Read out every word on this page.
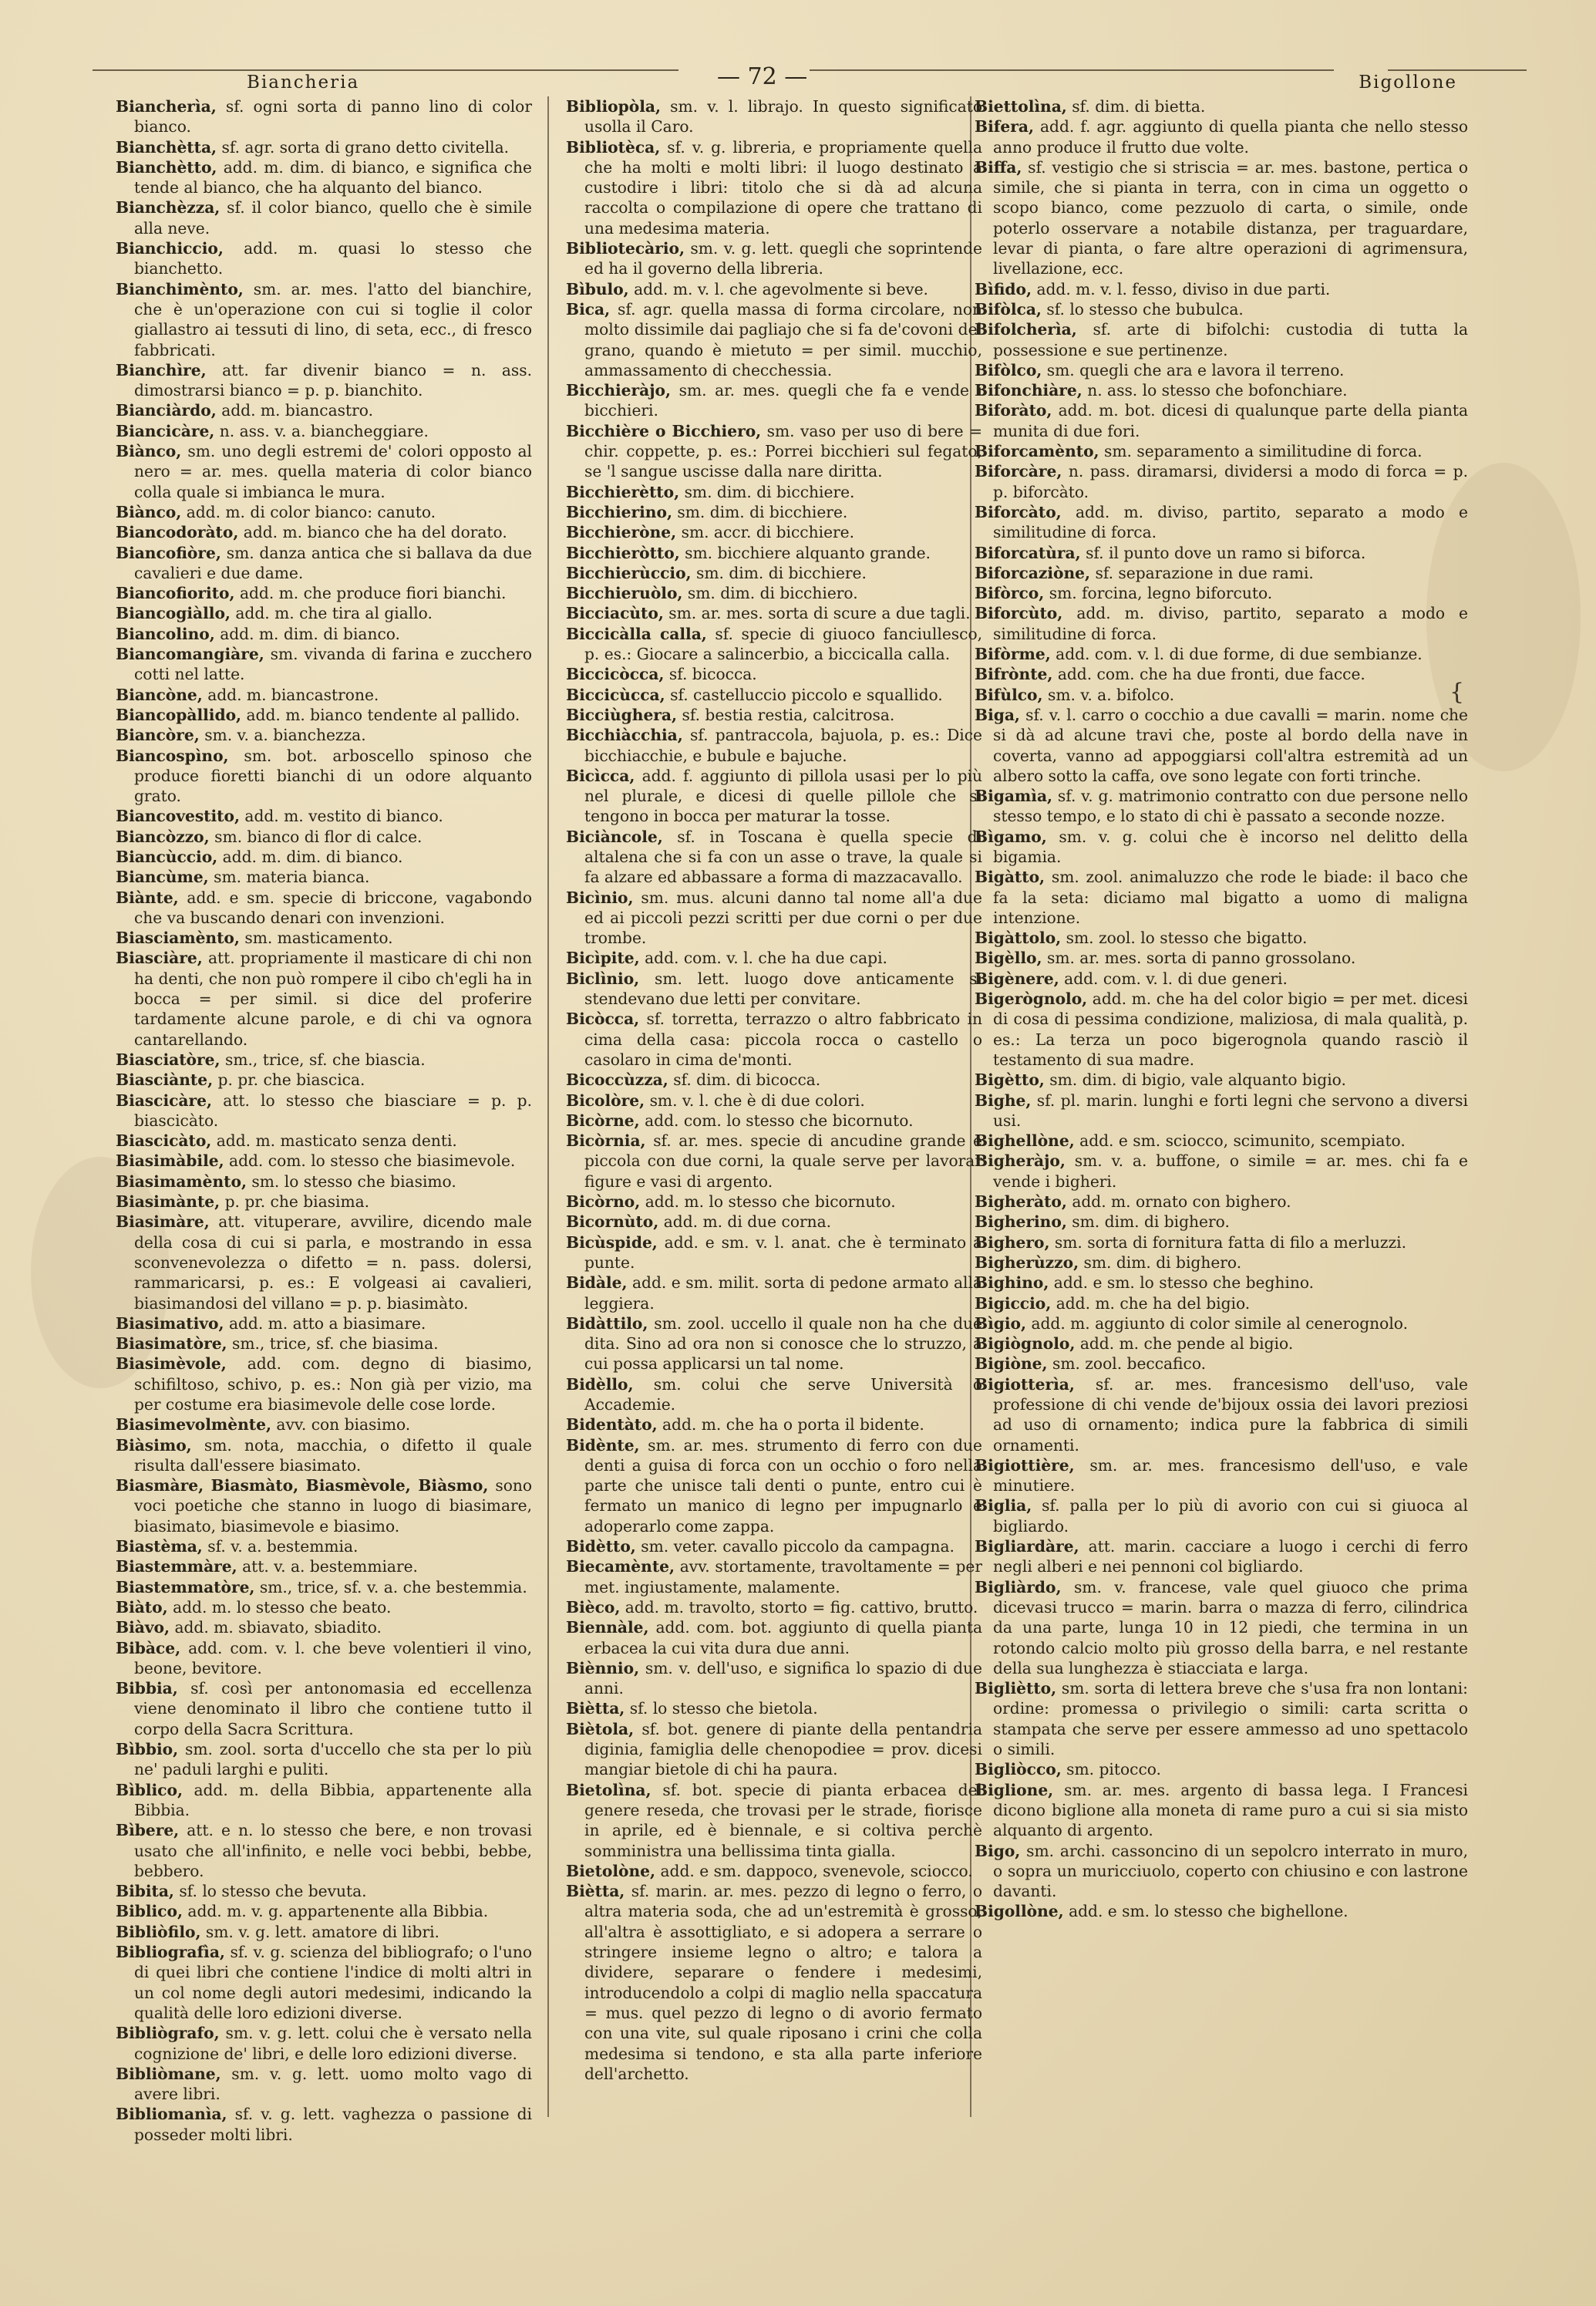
Biancheria	— 72 —	Bigollone

Biancherìa, sf. ogni sorta di panno lino di color bianco.

Bianchètta, sf. agr. sorta di grano detto civitella.

Bianchètto, add. m. dim. di bianco, e significa che tende al bianco, che ha alquanto del bianco.

Bianchèzza, sf. il color bianco, quello che è simile alla neve.

Bianchiccio, add. m. quasi lo stesso che bianchetto.

Bianchimènto, sm. ar. mes. l'atto del bianchire, che è un'operazione con cui si toglie il color giallastro ai tessuti di lino, di seta, ecc., di fresco fabbricati.

Bianchìre, att. far divenir bianco = n. ass. dimostrarsi bianco = p. p. bianchito.

Bianciàrdo, add. m. biancastro.

Biancicàre, n. ass. v. a. biancheggiare.

Biànco, sm. uno degli estremi de' colori opposto al nero = ar. mes. quella materia di color bianco colla quale si imbianca le mura.

Biànco, add. m. di color bianco: canuto.

Biancodoràto, add. m. bianco che ha del dorato.

Biancofiòre, sm. danza antica che si ballava da due cavalieri e due dame.

Biancofiorito, add. m. che produce fiori bianchi.

Biancogiàllo, add. m. che tira al giallo.

Biancolino, add. m. dim. di bianco.

Biancomangiàre, sm. vivanda di farina e zucchero cotti nel latte.

Biancòne, add. m. biancastrone.

Biancopàllido, add. m. bianco tendente al pallido.

Biancòre, sm. v. a. bianchezza.

Biancospìno, sm. bot. arboscello spinoso che produce fioretti bianchi di un odore alquanto grato.

Biancovestito, add. m. vestito di bianco.

Biancòzzo, sm. bianco di flor di calce.

Biancùccio, add. m. dim. di bianco.

Biancùme, sm. materia bianca.

Biànte, add. e sm. specie di briccone, vagabondo che va buscando denari con invenzioni.

Biasciamènto, sm. masticamento.

Biasciàre, att. propriamente il masticare di chi non ha denti, che non può rompere il cibo ch'egli ha in bocca = per simil. si dice del proferire tardamente alcune parole, e di chi va ognora cantarellando.

Biasciatòre, sm., trice, sf. che biascia.

Biasciànte, p. pr. che biascica.

Biascicàre, att. lo stesso che biasciare = p. p. biascicàto.

Biascicàto, add. m. masticato senza denti.

Biasimàbile, add. com. lo stesso che biasimevole.

Biasimamènto, sm. lo stesso che biasimo.

Biasimànte, p. pr. che biasima.

Biasimàre, att. vituperare, avvilire, dicendo male della cosa di cui si parla, e mostrando in essa sconvenevolezza o difetto = n. pass. dolersi, rammaricarsi, p. es.: E volgeasi ai cavalieri, biasimandosi del villano = p. p. biasimàto.

Biasimativo, add. m. atto a biasimare.

Biasimatòre, sm., trice, sf. che biasima.

Biasimèvole, add. com. degno di biasimo, schifiltoso, schivo, p. es.: Non già per vizio, ma per costume era biasimevole delle cose lorde.

Biasimevolmènte, avv. con biasimo.

Biàsimo, sm. nota, macchia, o difetto il quale risulta dall'essere biasimato.

Biasmàre, Biasmàto, Biasmèvole, Biàsmo, sono voci poetiche che stanno in luogo di biasimare, biasimato, biasimevole e biasimo.

Biastèma, sf. v. a. bestemmia.

Biastemmàre, att. v. a. bestemmiare.

Biastemmatòre, sm., trice, sf. v. a. che bestemmia.

Biàto, add. m. lo stesso che beato.

Biàvo, add. m. sbiavato, sbiadito.

Bibàce, add. com. v. l. che beve volentieri il vino, beone, bevitore.

Bibbia, sf. così per antonomasia ed eccellenza viene denominato il libro che contiene tutto il corpo della Sacra Scrittura.

Bìbbio, sm. zool. sorta d'uccello che sta per lo più ne' paduli larghi e puliti.

Bìblico, add. m. della Bibbia, appartenente alla Bibbia.

Bìbere, att. e n. lo stesso che bere, e non trovasi usato che all'infinito, e nelle voci bebbi, bebbe, bebbero.

Bibita, sf. lo stesso che bevuta.

Biblico, add. m. v. g. appartenente alla Bibbia.

Bibliòfilo, sm. v. g. lett. amatore di libri.

Bibliografìa, sf. v. g. scienza del bibliografo; o l'uno di quei libri che contiene l'indice di molti altri in un col nome degli autori medesimi, indicando la qualità delle loro edizioni diverse.

Bibliògrafo, sm. v. g. lett. colui che è versato nella cognizione de' libri, e delle loro edizioni diverse.

Bibliòmane, sm. v. g. lett. uomo molto vago di avere libri.

Bibliomanìa, sf. v. g. lett. vaghezza o passione di posseder molti libri.

Bibliopòla, sm. v. l. librajo. In questo significato usolla il Caro.

Bibliotèca, sf. v. g. libreria, e propriamente quella che ha molti e molti libri: il luogo destinato a custodire i libri: titolo che si dà ad alcuna raccolta o compilazione di opere che trattano di una medesima materia.

Bibliotecàrio, sm. v. g. lett. quegli che soprintende ed ha il governo della libreria.

Bìbulo, add. m. v. l. che agevolmente si beve.

Bica, sf. agr. quella massa di forma circolare, non molto dissimile dai pagliajo che si fa de'covoni del grano, quando è mietuto = per simil. mucchio, ammassamento di checchessia.

Bicchieràjo, sm. ar. mes. quegli che fa e vende i bicchieri.

Bicchière o Bicchiero, sm. vaso per uso di bere = chir. coppette, p. es.: Porrei bicchieri sul fegato, se 'l sangue uscisse dalla nare diritta.

Bicchierètto, sm. dim. di bicchiere.

Bicchierino, sm. dim. di bicchiere.

Bicchieròne, sm. accr. di bicchiere.

Bicchieròtto, sm. bicchiere alquanto grande.

Bicchierùccio, sm. dim. di bicchiere.

Bicchieruòlo, sm. dim. di bicchiero.

Bicciacùto, sm. ar. mes. sorta di scure a due tagli.

Biccicàlla calla, sf. specie di giuoco fanciullesco, p. es.: Giocare a salincerbio, a biccicalla calla.

Biccicòcca, sf. bicocca.

Biccicùcca, sf. castelluccio piccolo e squallido.

Bicciùghera, sf. bestia restia, calcitrosa.

Bicchiàcchia, sf. pantraccola, bajuola, p. es.: Dice bicchiacchie, e bubule e bajuche.

Bicìcca, add. f. aggiunto di pillola usasi per lo più nel plurale, e dicesi di quelle pillole che si tengono in bocca per maturar la tosse.

Biciàncole, sf. in Toscana è quella specie di altalena che si fa con un asse o trave, la quale si fa alzare ed abbassare a forma di mazzacavallo.

Bicìnio, sm. mus. alcuni danno tal nome all'a due ed ai piccoli pezzi scritti per due corni o per due trombe.

Bicìpite, add. com. v. l. che ha due capi.

Biclìnio, sm. lett. luogo dove anticamente si stendevano due letti per convitare.

Bicòcca, sf. torretta, terrazzo o altro fabbricato in cima della casa: piccola rocca o castello o casolaro in cima de'monti.

Bicoccùzza, sf. dim. di bicocca.

Bicolòre, sm. v. l. che è di due colori.

Bicòrne, add. com. lo stesso che bicornuto.

Bicòrnia, sf. ar. mes. specie di ancudine grande e piccola con due corni, la quale serve per lavorar figure e vasi di argento.

Bicòrno, add. m. lo stesso che bicornuto.

Bicornùto, add. m. di due corna.

Bicùspide, add. e sm. v. l. anat. che è terminato a punte.

Bidàle, add. e sm. milit. sorta di pedone armato alla leggiera.

Bidàttilo, sm. zool. uccello il quale non ha che due dita. Sino ad ora non si conosce che lo struzzo, a cui possa applicarsi un tal nome.

Bidèllo, sm. colui che serve Università o Accademie.

Bidentàto, add. m. che ha o porta il bidente.

Bidènte, sm. ar. mes. strumento di ferro con due denti a guisa di forca con un occhio o foro nella parte che unisce tali denti o punte, entro cui è fermato un manico di legno per impugnarlo e adoperarlo come zappa.

Bidètto, sm. veter. cavallo piccolo da campagna.

Biecamènte, avv. stortamente, travoltamente = per met. ingiustamente, malamente.

Bièco, add. m. travolto, storto = fig. cattivo, brutto.

Biennàle, add. com. bot. aggiunto di quella pianta erbacea la cui vita dura due anni.

Biènnio, sm. v. dell'uso, e significa lo spazio di due anni.

Biètta, sf. lo stesso che bietola.

Biètola, sf. bot. genere di piante della pentandria diginia, famiglia delle chenopodiee = prov. dicesi mangiar bietole di chi ha paura.

Bietolìna, sf. bot. specie di pianta erbacea del genere reseda, che trovasi per le strade, fiorisce in aprile, ed è biennale, e si coltiva perchè somministra una bellissima tinta gialla.

Bietolòne, add. e sm. dappoco, svenevole, sciocco.

Biètta, sf. marin. ar. mes. pezzo di legno o ferro, o altra materia soda, che ad un'estremità è grosso, all'altra è assottigliato, e si adopera a serrare o stringere insieme legno o altro; e talora a dividere, separare o fendere i medesimi, introducendolo a colpi di maglio nella spaccatura = mus. quel pezzo di legno o di avorio fermato con una vite, sul quale riposano i crini che colla medesima si tendono, e sta alla parte inferiore dell'archetto.

Biettolìna, sf. dim. di bietta.

Bifera, add. f. agr. aggiunto di quella pianta che nello stesso anno produce il frutto due volte.

Biffa, sf. vestigio che si striscia = ar. mes. bastone, pertica o simile, che si pianta in terra, con in cima un oggetto o scopo bianco, come pezzuolo di carta, o simile, onde poterlo osservare a notabile distanza, per traguardare, levar di pianta, o fare altre operazioni di agrimensura, livellazione, ecc.

Bìfido, add. m. v. l. fesso, diviso in due parti.

Bifòlca, sf. lo stesso che bubulca.

Bifolcherìa, sf. arte di bifolchi: custodia di tutta la possessione e sue pertinenze.

Bifòlco, sm. quegli che ara e lavora il terreno.

Bifonchiàre, n. ass. lo stesso che bofonchiare.

Biforàto, add. m. bot. dicesi di qualunque parte della pianta munita di due fori.

Biforcamènto, sm. separamento a similitudine di forca.

Biforcàre, n. pass. diramarsi, dividersi a modo di forca = p. p. biforcàto.

Biforcàto, add. m. diviso, partito, separato a modo e similitudine di forca.

Biforcatùra, sf. il punto dove un ramo si biforca.

Biforcaziòne, sf. separazione in due rami.

Bifòrco, sm. forcina, legno biforcuto.

Biforcùto, add. m. diviso, partito, separato a modo e similitudine di forca.

Bifòrme, add. com. v. l. di due forme, di due sembianze.

Bifrònte, add. com. che ha due fronti, due facce.

Bifùlco, sm. v. a. bifolco.

Biga, sf. v. l. carro o cocchio a due cavalli = marin. nome che si dà ad alcune travi che, poste al bordo della nave in coverta, vanno ad appoggiarsi coll'altra estremità ad un albero sotto la caffa, ove sono legate con forti trinche.

Bigamìa, sf. v. g. matrimonio contratto con due persone nello stesso tempo, e lo stato di chi è passato a seconde nozze.

Bìgamo, sm. v. g. colui che è incorso nel delitto della bigamia.

Bigàtto, sm. zool. animaluzzo che rode le biade: il baco che fa la seta: diciamo mal bigatto a uomo di maligna intenzione.

Bigàttolo, sm. zool. lo stesso che bigatto.

Bigèllo, sm. ar. mes. sorta di panno grossolano.

Bigènere, add. com. v. l. di due generi.

Bigerògnolo, add. m. che ha del color bigio = per met. dicesi di cosa di pessima condizione, maliziosa, di mala qualità, p. es.: La terza un poco bigerognola quando rasciò il testamento di sua madre.

Bigètto, sm. dim. di bigio, vale alquanto bigio.

Bighe, sf. pl. marin. lunghi e forti legni che servono a diversi usi.

Bighellòne, add. e sm. sciocco, scimunito, scempiato.

Bigheràjo, sm. v. a. buffone, o simile = ar. mes. chi fa e vende i bigheri.

Bigheràto, add. m. ornato con bighero.

Bigherino, sm. dim. di bighero.

Bighero, sm. sorta di fornitura fatta di filo a merluzzi.

Bigherùzzo, sm. dim. di bighero.

Bighino, add. e sm. lo stesso che beghino.

Bigiccio, add. m. che ha del bigio.

Bìgio, add. m. aggiunto di color simile al cenerognolo.

Bigiògnolo, add. m. che pende al bigio.

Bigiòne, sm. zool. beccafico.

Bigiotterìa, sf. ar. mes. francesismo dell'uso, vale professione di chi vende de'bijoux ossia dei lavori preziosi ad uso di ornamento; indica pure la fabbrica di simili ornamenti.

Bigiottière, sm. ar. mes. francesismo dell'uso, e vale minutiere.

Biglia, sf. palla per lo più di avorio con cui si giuoca al bigliardo.

Bigliardàre, att. marin. cacciare a luogo i cerchi di ferro negli alberi e nei pennoni col bigliardo.

Bigliàrdo, sm. v. francese, vale quel giuoco che prima dicevasi trucco = marin. barra o mazza di ferro, cilindrica da una parte, lunga 10 in 12 piedi, che termina in un rotondo calcio molto più grosso della barra, e nel restante della sua lunghezza è stiacciata e larga.

Bigliètto, sm. sorta di lettera breve che s'usa fra non lontani: ordine: promessa o privilegio o simili: carta scritta o stampata che serve per essere ammesso ad uno spettacolo o simili.

Bigliòcco, sm. pitocco.

Biglione, sm. ar. mes. argento di bassa lega. I Francesi dicono biglione alla moneta di rame puro a cui si sia misto alquanto di argento.

Bigo, sm. archi. cassoncino di un sepolcro interrato in muro, o sopra un muricciuolo, coperto con chiusino e con lastrone davanti.

Bigollòne, add. e sm. lo stesso che bighellone.

{
